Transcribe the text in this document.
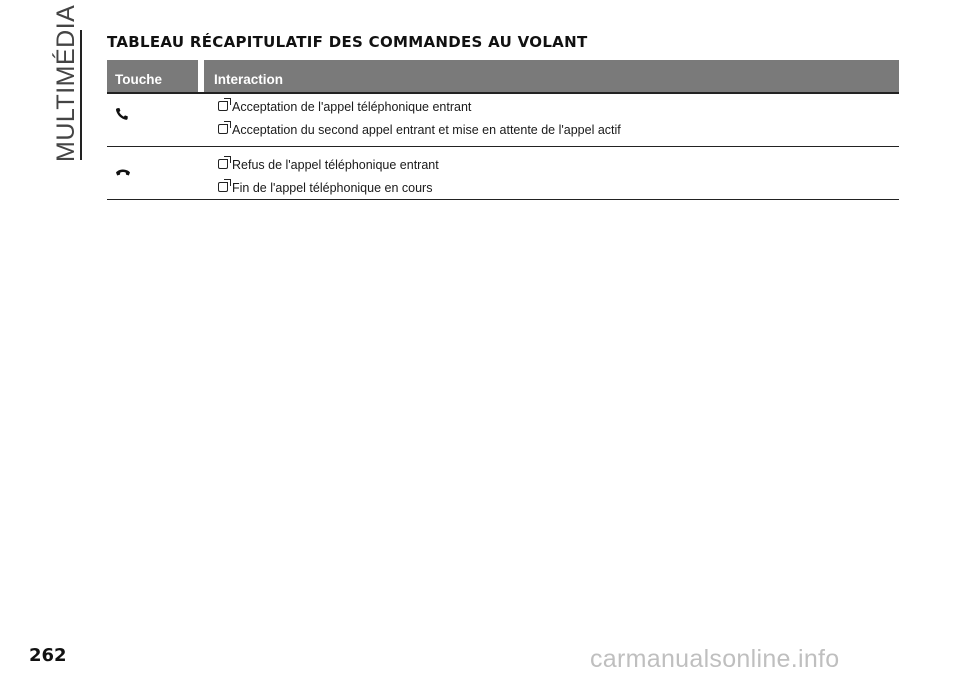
MULTIMÉDIA TABLEAU RÉCAPITULATIF DES COMMANDES AU VOLANT
Touche	Interaction
Acceptation de l'appel téléphonique entrant
Acceptation du second appel entrant et mise en attente de l'appel actif
Refus de l'appel téléphonique entrant
Fin de l'appel téléphonique en cours
262	carmanualsonline.info
